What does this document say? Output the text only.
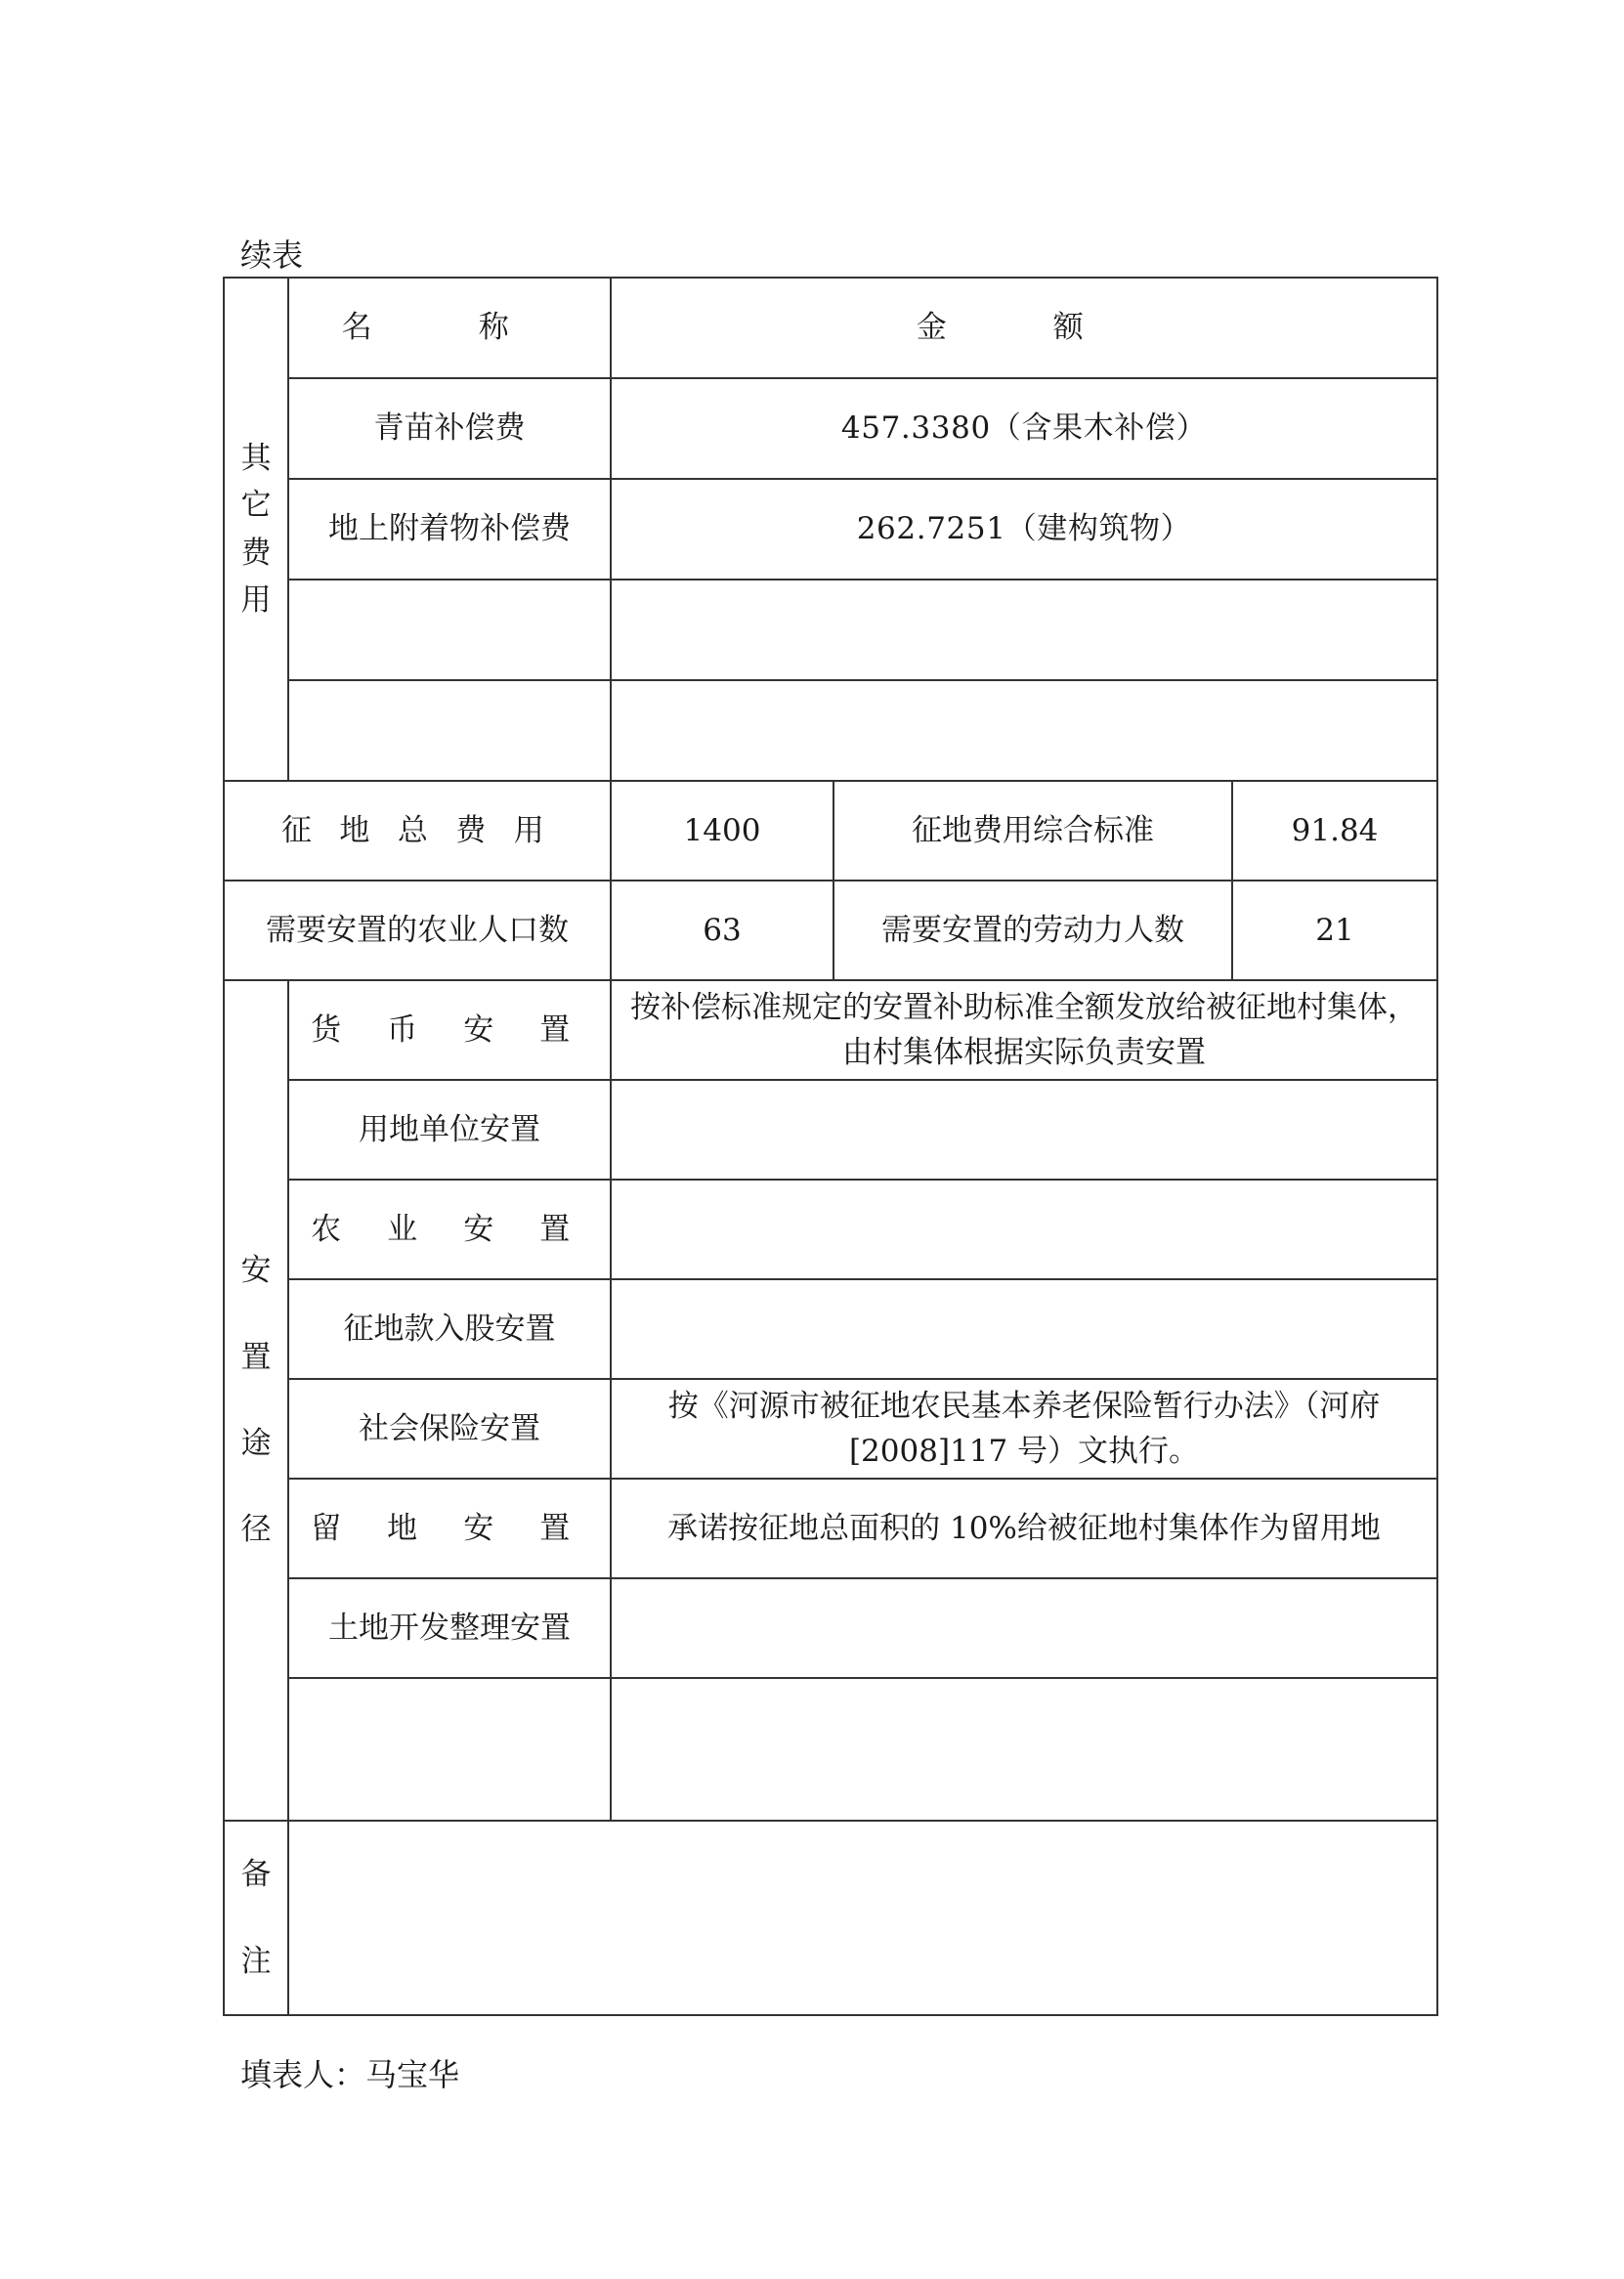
续表
其它费用	名 称	金 额		
	青苗补偿费	457.3380（含果木补偿）		
	地上附着物补偿费	262.7251（建构筑物）		

征 地 总 费 用		1400	征地费用综合标准	91.84
需要安置的农业人口数		63	需要安置的劳动力人数	21
安置途径	货 币 安 置	按补偿标准规定的安置补助标准全额发放给被征地村集体，由村集体根据实际负责安置		
	用地单位安置			
	农 业 安 置			
	征地款入股安置			
	社会保险安置	按《河源市被征地农民基本养老保险暂行办法》（河府[2008]117 号）文执行。		
	留 地 安 置	承诺按征地总面积的 10%给被征地村集体作为留用地		
	土地开发整理安置			

备注				
填表人：马宝华
